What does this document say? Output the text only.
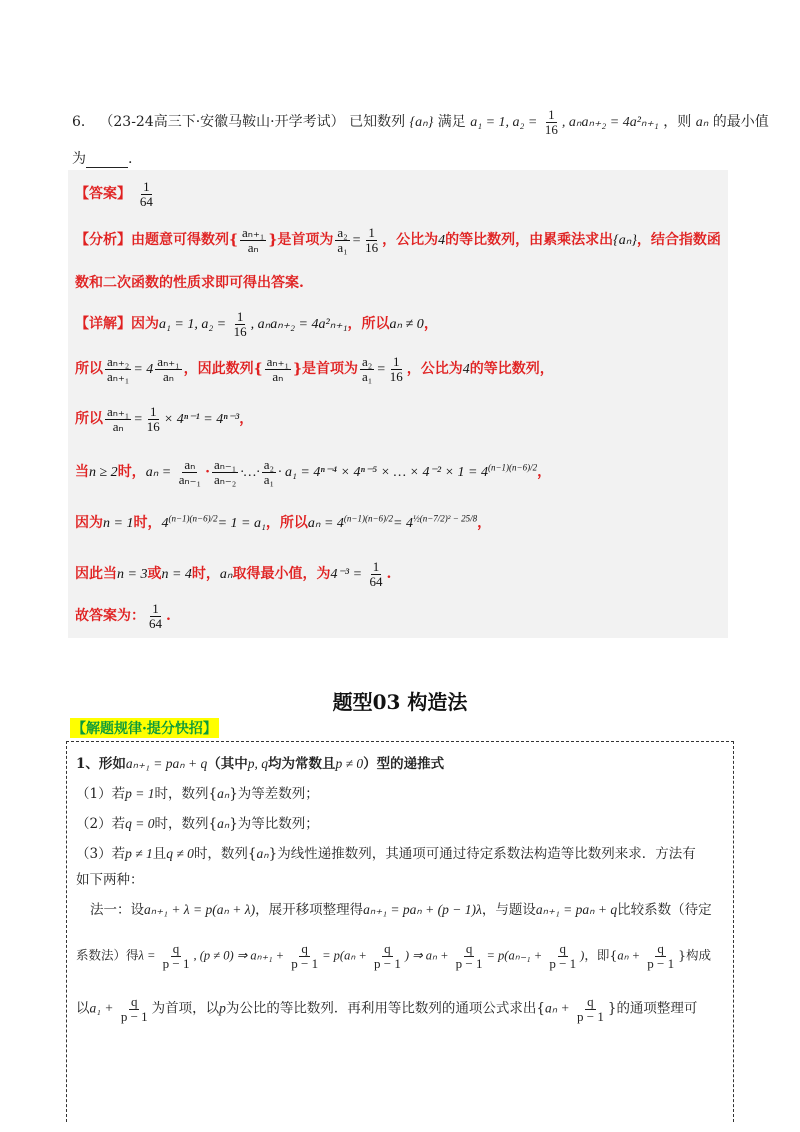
6． （23-24高三下·安徽马鞍山·开学考试） 已知数列 {aₙ} 满足 a₁ = 1, $a_2 = \frac{1}{16}$ , aₙaₙ₊₂ = 4a²ₙ₊₁ ，则 aₙ 的最小值
为	.
【答案】 $\frac{1}{64}$
【分析】由题意可得数列{ $\frac{\text{aₙ₊₁}}{\text{aₙ}}$ }是首项为 $\frac{\text{a₂}}{\text{a₁}} = \frac{1}{16}$ ，公比为4的等比数列，由累乘法求出{aₙ}，结合指数函
数和二次函数的性质求即可得出答案.
【详解】因为a₁ = 1, $a_2 = \frac{1}{16}$ , aₙaₙ₊₂ = 4a²ₙ₊₁，所以aₙ ≠ 0，
所以 $\frac{\text{aₙ₊₂}}{\text{aₙ₊₁}} = 4 \frac{\text{aₙ₊₁}}{\text{aₙ}}$ ，因此数列{ $\frac{\text{aₙ₊₁}}{\text{aₙ}}$ }是首项为 $\frac{\text{a₂}}{\text{a₁}} = \frac{1}{16}$ ，公比为4的等比数列，
所以 $\frac{\text{aₙ₊₁}}{\text{aₙ}} = \frac{1}{16} \times 4^{n-1} = 4^{n-3}$，
当n ≥ 2时，$a_n = \frac{\text{aₙ}}{\text{aₙ₋₁}} \cdot \frac{\text{aₙ₋₁}}{\text{aₙ₋₂}}$ ·…· $\frac{\text{a₂}}{\text{a₁}} \cdot a_1 = 4^{n-4} \times 4^{n-5}$ × … × $4^{-2} \times 1 = 4^{(n-1)(n-6)/2}$，
因为n = 1时，$4^{(n-1)(n-6)/2}= 1 = a_1$，所以$a_n = 4^{(n-1)(n-6)/2}= 4^{\frac{1}{2}(n-7/2)^2 - 25/8}$，
因此当n = 3或n = 4时，aₙ取得最小值，为$4^{-3} = \frac{1}{64}$ .
故答案为： $\frac{1}{64}$ .
题型03 构造法
【解题规律·提分快招】
1、形如aₙ₊₁ = paₙ + q（其中p, q均为常数且p ≠ 0）型的递推式
（1）若p = 1时，数列{aₙ}为等差数列；
（2）若q = 0时，数列{aₙ}为等比数列；
（3）若p ≠ 1且q ≠ 0时，数列{aₙ}为线性递推数列，其通项可通过待定系数法构造等比数列来求．方法有
如下两种：
法一：设aₙ₊₁ + λ = p(aₙ + λ)，展开移项整理得aₙ₊₁ = paₙ + (p − 1)λ，与题设aₙ₊₁ = paₙ + q比较系数（待定
系数法）得$\lambda = \frac{q}{p - 1}$ , (p ≠ 0) ⇒ $a_{n+1} + \frac{q}{p - 1} = p(a_n + \frac{q}{p - 1}$ ) ⇒ $a_n + \frac{q}{p - 1} = p(a_{n-1} + \frac{q}{p - 1}$ )，即{$a_n + \frac{q}{p - 1}$ }构成
以$a_1 + \frac{q}{p - 1}$ 为首项，以p为公比的等比数列．再利用等比数列的通项公式求出{$a_n + \frac{q}{p - 1}$ }的通项整理可
